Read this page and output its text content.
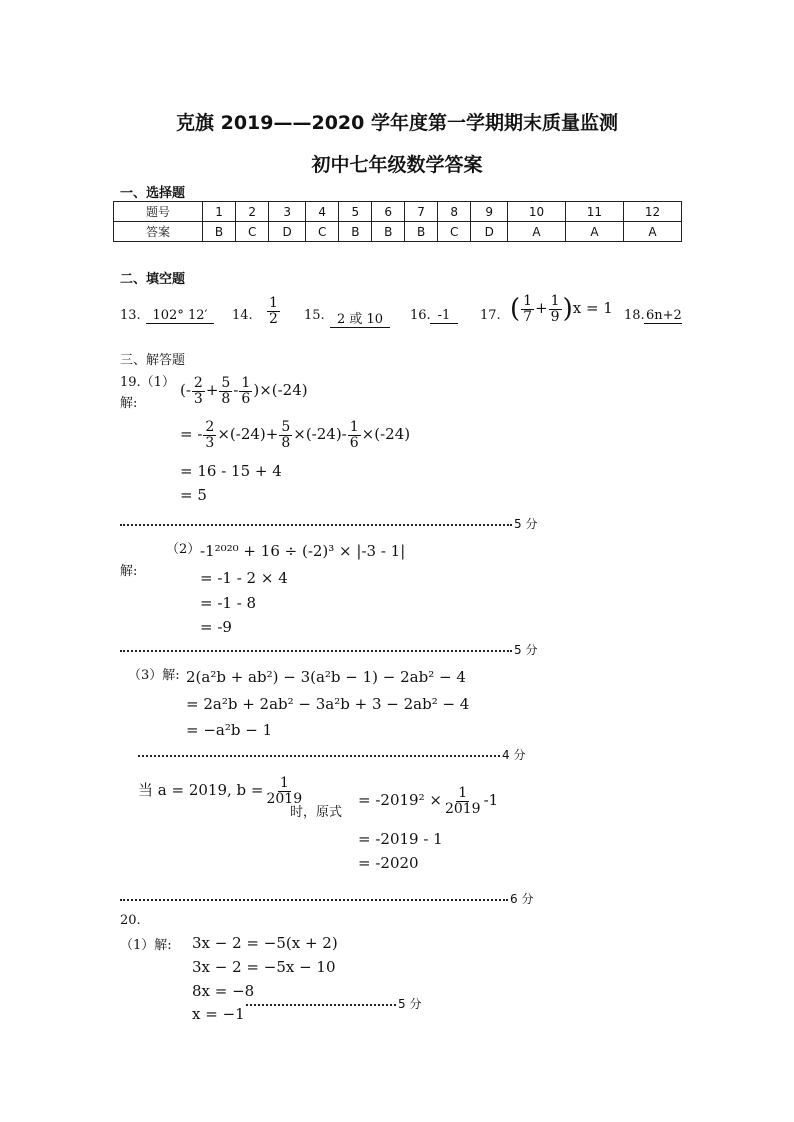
克旗 2019——2020 学年度第一学期期末质量监测
初中七年级数学答案
一、选择题
题号	1	2	3	4	5	6	7	8	9	10	11	12
答案	B	C	D	C	B	B	B	C	D	A	A	A
二、填空题
13. 102° 12′	14. $\frac{1}{2} 15$. 2 或 10	16. -1	17. ( $\frac{1}{7} + \frac{1}{9} )x = 1$ 18. 6n+2
三、解答题
19.（1）
解:
(- $\frac{2}{3} + \frac{5}{8} - \frac{1}{6} )\times(-24)$
= - $\frac{2}{3} \times(-24)+ \frac{5}{8} \times(-24)- \frac{1}{6} \times(-24)$
= 16 - 15 + 4
= 5
5 分
（2）
解:
-1²⁰²⁰ + 16 ÷ (-2)³ × |-3 - 1|
= -1 - 2 × 4
= -1 - 8
= -9
5 分
（3）解: 2(a²b + ab²) − 3(a²b − 1) − 2ab² − 4
= 2a²b + 2ab² − 3a²b + 3 − 2ab² − 4
= −a²b − 1
4 分
当 a = 2019, $b = \frac{1}{2019}$
时，原式
= $-2019^2 \times \frac{1}{2019} -1$
= -2019 - 1
= -2020
6 分
20.
（1）解: 3x − 2 = −5(x + 2)
3x − 2 = −5x − 10
8x = −8
x = −1
5 分
